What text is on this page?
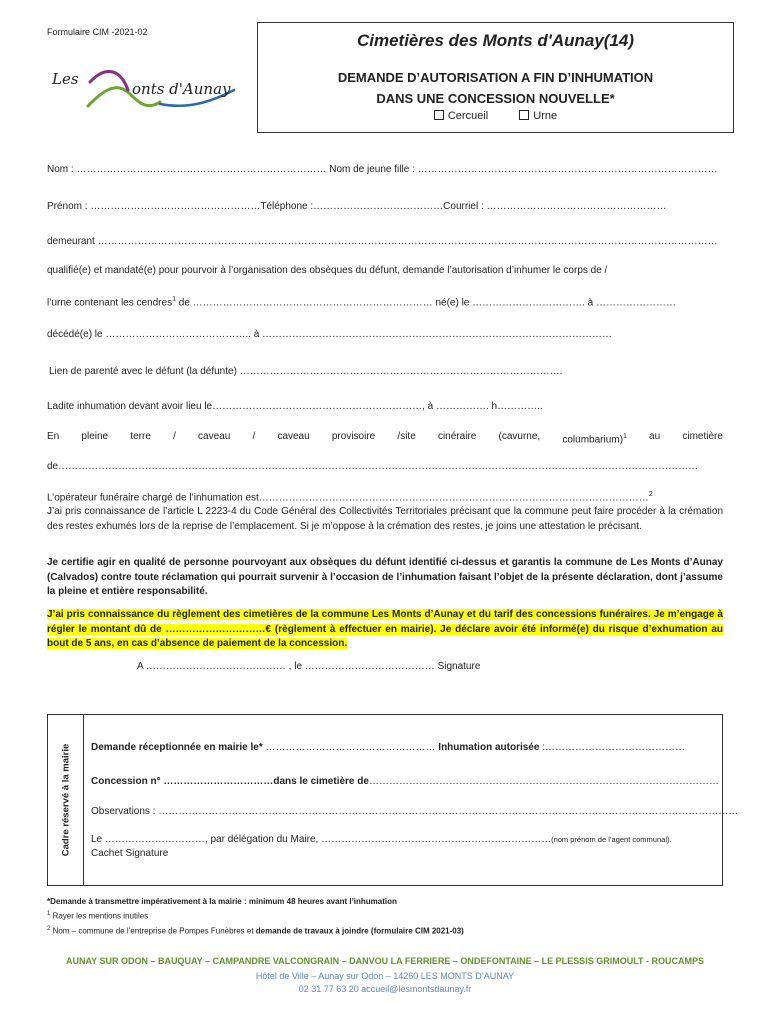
Formulaire CIM -2021-02
Les
onts d'Aunay
Cimetières des Monts d'Aunay(14)
DEMANDE D’AUTORISATION A FIN D’INHUMATION
DANS UNE CONCESSION NOUVELLE*
Cercueil	Urne
Nom : ………………………………………………………………… Nom de jeune fille : ………………………………………………………………………………
Prénom : ……………………………………………Téléphone :…………………………………Courriel : ………………………………………………
demeurant ……………………………………………………………………………………………………………………………………………………………………
qualifié(e) et mandaté(e) pour pourvoir à l’organisation des obsèques du défunt, demande l’autorisation d’inhumer le corps de /
l’urne contenant les cendres$^1$ de ……………………………………………………………… né(e) le ……………………………. à ……………………
décédé(e) le …………………………………….. à ……………………………………………………………………………………………
Lien de parenté avec le défunt (la défunte) …………………………………………………………………………………….
Ladite inhumation devant avoir lieu le………………………………………………………, à ……………. h…………..
En pleine terre / caveau / caveau provisoire /site cinéraire (cavurne, columbarium)$^1$ au cimetière
de…………………………………………………………………………………………………………………………………………………………………………
L’opérateur funéraire chargé de l’inhumation est………………………………………………………………………………………………………$^2$
J’ai pris connaissance de l’article L 2223-4 du Code Général des Collectivités Territoriales précisant que la commune peut faire procéder à la crémation des restes exhumés lors de la reprise de l’emplacement. Si je m’oppose à la crémation des restes, je joins une attestation le précisant.
Je certifie agir en qualité de personne pourvoyant aux obsèques du défunt identifié ci-dessus et garantis la commune de Les Monts d’Aunay (Calvados) contre toute réclamation qui pourrait survenir à l’occasion de l’inhumation faisant l’objet de la présente déclaration, dont j’assume la pleine et entière responsabilité.
J’ai pris connaissance du règlement des cimetières de la commune Les Monts d’Aunay et du tarif des concessions funéraires. Je m’engage à régler le montant dû de …………………………€ (règlement à effectuer en mairie). Je déclare avoir été informé(e) du risque d’exhumation au bout de 5 ans, en cas d’absence de paiement de la concession.
A …………………………………… , le ………………………………… Signature
Cadre réservé à la mairie Demande réceptionnée en mairie le* …………………………………………… Inhumation autorisée :……………………………………
Concession n° ……………………………dans le cimetière de……………………………………………………………………………………………
Observations : …………………………………………………………………………………………………………………………………………………………
Le …………………………, par délégation du Maire, ……………………………………………………………(nom prénom de l’agent communal).
Cachet Signature
*Demande à transmettre impérativement à la mairie : minimum 48 heures avant l’inhumation
$^1$ Rayer les mentions inutiles
$^2$ Nom – commune de l’entreprise de Pompes Funèbres et demande de travaux à joindre (formulaire CIM 2021-03)
AUNAY SUR ODON – BAUQUAY – CAMPANDRE VALCONGRAIN – DANVOU LA FERRIERE – ONDEFONTAINE – LE PLESSIS GRIMOULT - ROUCAMPS
Hôtel de Ville – Aunay sur Odon – 14260 LES MONTS D’AUNAY
02 31 77 63 20 accueil@lesmontsdaunay.fr
